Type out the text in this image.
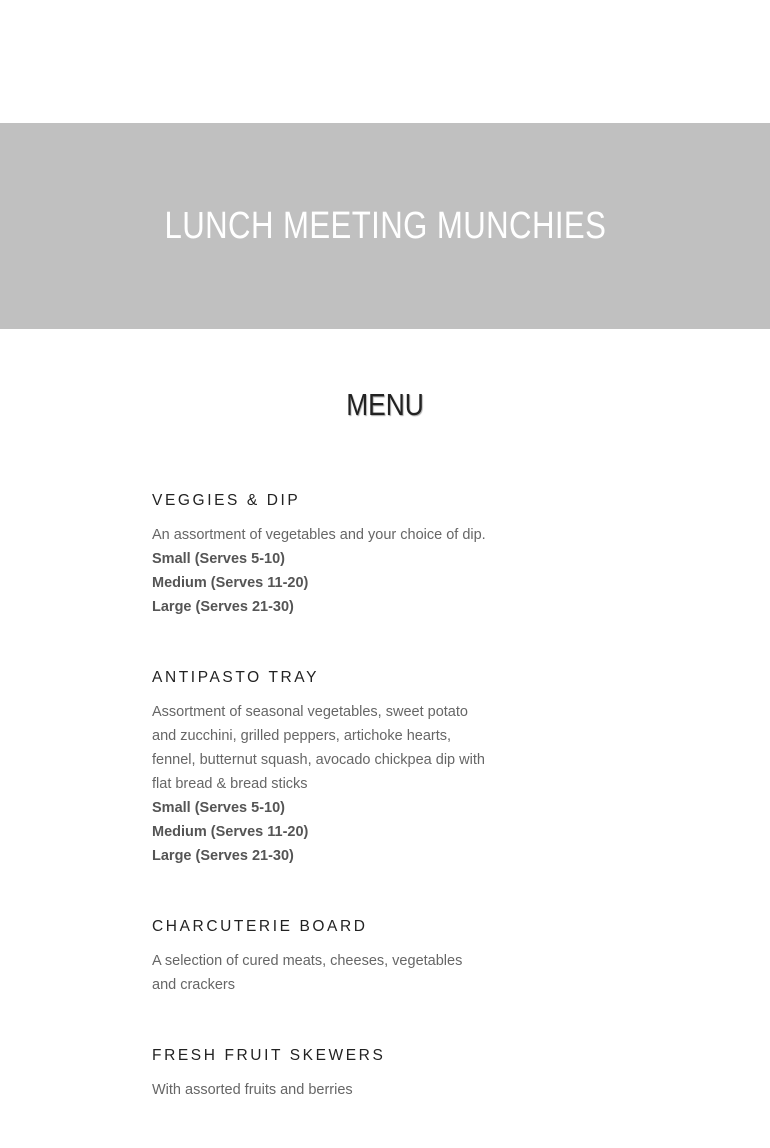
LUNCH MEETING MUNCHIES
MENU
VEGGIES & DIP

An assortment of vegetables and your choice of dip.

Small (Serves 5-10)

Medium (Serves 11-20)

Large (Serves 21-30)

ANTIPASTO TRAY

Assortment of seasonal vegetables, sweet potato and zucchini, grilled peppers, artichoke hearts, fennel, butternut squash, avocado chickpea dip with flat bread & bread sticks

Small (Serves 5-10)

Medium (Serves 11-20)

Large (Serves 21-30)

CHARCUTERIE BOARD

A selection of cured meats, cheeses, vegetables and crackers

FRESH FRUIT SKEWERS

With assorted fruits and berries
